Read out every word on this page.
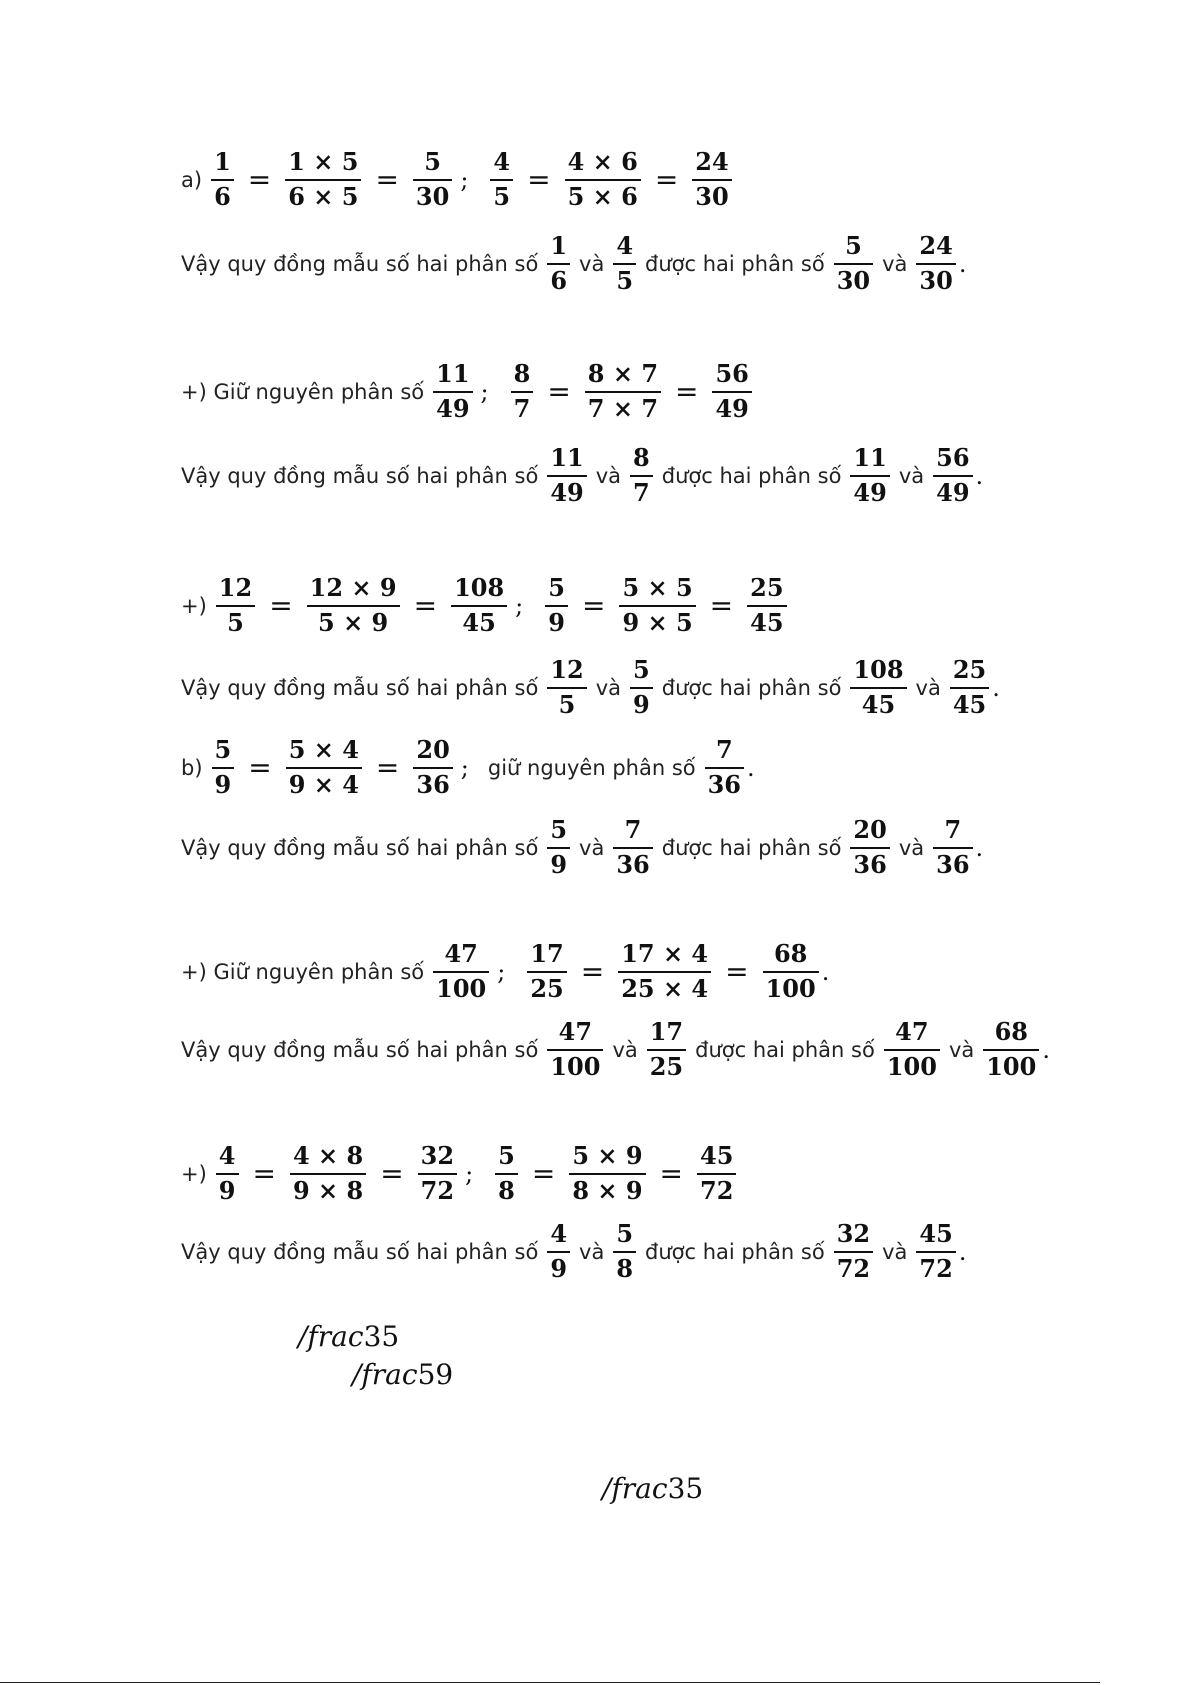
$a) \frac{1}{6} = \frac{1 \times 5}{6 \times 5} = \frac{5}{30}$ ; $\frac{4}{5} = \frac{4 \times 6}{5 \times 6} = \frac{24}{30}$
Vậy quy đồng mẫu số hai phân số $\frac{1}{6}$ và $\frac{4}{5}$ được hai phân số $\frac{5}{30}$ và $\frac{24}{30}$ .
+) Giữ nguyên phân số $\frac{11}{49}$ ; $\frac{8}{7} = \frac{8 \times 7}{7 \times 7} = \frac{56}{49}$
Vậy quy đồng mẫu số hai phân số $\frac{11}{49}$ và $\frac{8}{7}$ được hai phân số $\frac{11}{49}$ và $\frac{56}{49}$ .
+) $\frac{12}{5} = \frac{12 \times 9}{5 \times 9} = \frac{108}{45}$ ; $\frac{5}{9} = \frac{5 \times 5}{9 \times 5} = \frac{25}{45}$
Vậy quy đồng mẫu số hai phân số $\frac{12}{5}$ và $\frac{5}{9}$ được hai phân số $\frac{108}{45}$ và $\frac{25}{45}$ .
$b) \frac{5}{9} = \frac{5 \times 4}{9 \times 4} = \frac{20}{36}$ ; giữ nguyên phân số $\frac{7}{36}$ .
Vậy quy đồng mẫu số hai phân số $\frac{5}{9}$ và $\frac{7}{36}$ được hai phân số $\frac{20}{36}$ và $\frac{7}{36}$ .
+) Giữ nguyên phân số $\frac{47}{100}$ ; $\frac{17}{25} = \frac{17 \times 4}{25 \times 4} = \frac{68}{100}$ .
Vậy quy đồng mẫu số hai phân số $\frac{47}{100}$ và $\frac{17}{25}$ được hai phân số $\frac{47}{100}$ và $\frac{68}{100}$ .
+) $\frac{4}{9} = \frac{4 \times 8}{9 \times 8} = \frac{32}{72}$ ; $\frac{5}{8} = \frac{5 \times 9}{8 \times 9} = \frac{45}{72}$
Vậy quy đồng mẫu số hai phân số $\frac{4}{9}$ và $\frac{5}{8}$ được hai phân số $\frac{32}{72}$ và $\frac{45}{72}$ .
/frac35
/frac59
/frac35
